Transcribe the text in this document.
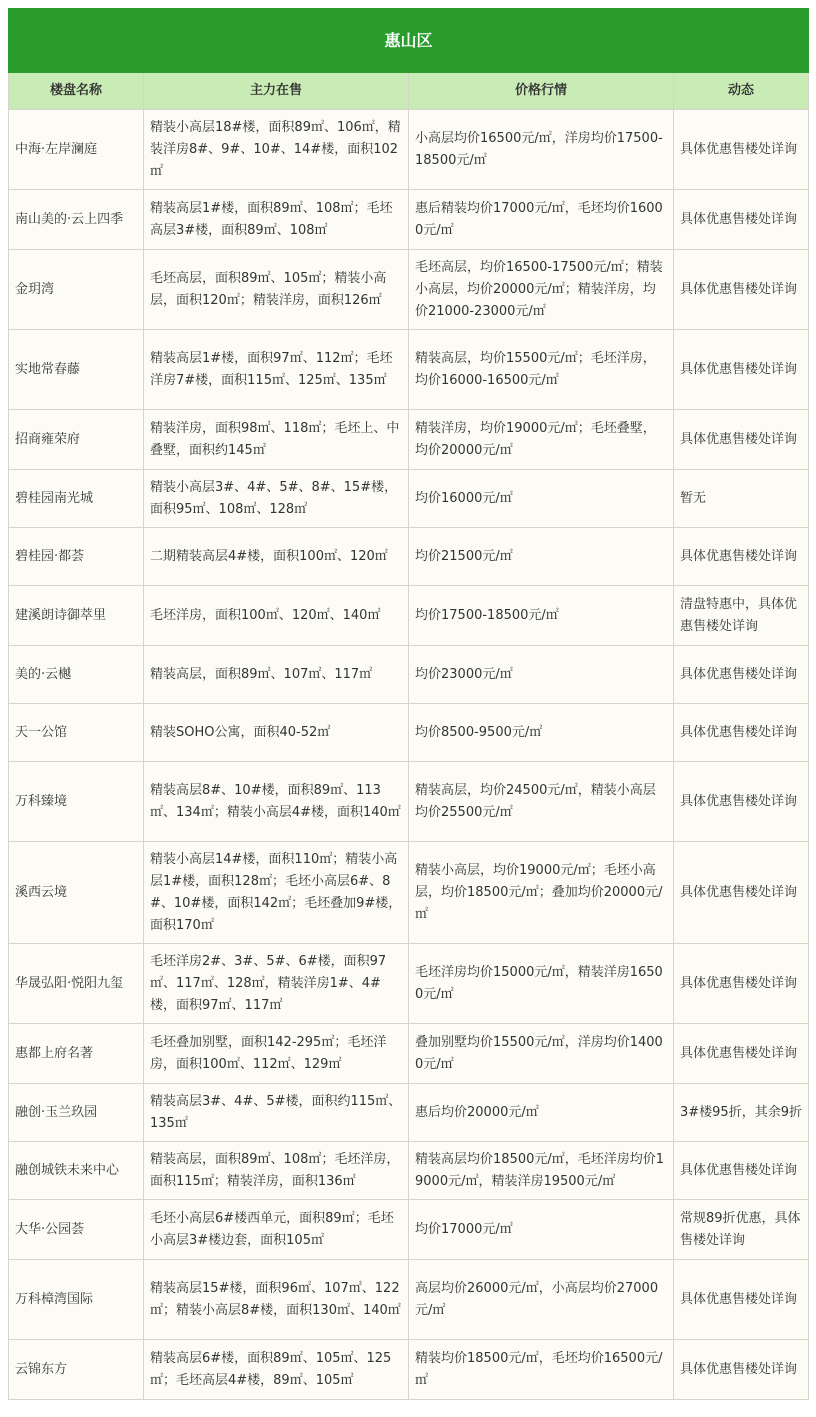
惠山区			
楼盘名称	主力在售	价格行情	动态
中海·左岸澜庭	精装小高层18#楼，面积89㎡、106㎡，精装洋房8#、9#、10#、14#楼，面积102㎡	小高层均价16500元/㎡，洋房均价17500-18500元/㎡	具体优惠售楼处详询
南山美的·云上四季	精装高层1#楼，面积89㎡、108㎡；毛坯高层3#楼，面积89㎡、108㎡	惠后精装均价17000元/㎡，毛坯均价16000元/㎡	具体优惠售楼处详询
金玥湾	毛坯高层，面积89㎡、105㎡；精装小高层，面积120㎡；精装洋房，面积126㎡	毛坯高层，均价16500-17500元/㎡；精装小高层，均价20000元/㎡；精装洋房，均价21000-23000元/㎡	具体优惠售楼处详询
实地常春藤	精装高层1#楼，面积97㎡、112㎡；毛坯洋房7#楼，面积115㎡、125㎡、135㎡	精装高层，均价15500元/㎡；毛坯洋房，均价16000-16500元/㎡	具体优惠售楼处详询
招商雍荣府	精装洋房，面积98㎡、118㎡；毛坯上、中叠墅，面积约145㎡	精装洋房，均价19000元/㎡；毛坯叠墅，均价20000元/㎡	具体优惠售楼处详询
碧桂园南光城	精装小高层3#、4#、5#、8#、15#楼，面积95㎡、108㎡、128㎡	均价16000元/㎡	暂无
碧桂园·都荟	二期精装高层4#楼，面积100㎡、120㎡	均价21500元/㎡	具体优惠售楼处详询
建溪朗诗御萃里	毛坯洋房，面积100㎡、120㎡、140㎡	均价17500-18500元/㎡	清盘特惠中，具体优惠售楼处详询
美的·云樾	精装高层，面积89㎡、107㎡、117㎡	均价23000元/㎡	具体优惠售楼处详询
天一公馆	精装SOHO公寓，面积40-52㎡	均价8500-9500元/㎡	具体优惠售楼处详询
万科臻境	精装高层8#、10#楼，面积89㎡、113㎡、134㎡；精装小高层4#楼，面积140㎡	精装高层，均价24500元/㎡，精装小高层均价25500元/㎡	具体优惠售楼处详询
溪西云境	精装小高层14#楼，面积110㎡；精装小高层1#楼，面积128㎡；毛坯小高层6#、8#、10#楼，面积142㎡；毛坯叠加9#楼，面积170㎡	精装小高层，均价19000元/㎡；毛坯小高层，均价18500元/㎡；叠加均价20000元/㎡	具体优惠售楼处详询
华晟弘阳·悦阳九玺	毛坯洋房2#、3#、5#、6#楼，面积97㎡、117㎡、128㎡，精装洋房1#、4#楼，面积97㎡、117㎡	毛坯洋房均价15000元/㎡，精装洋房16500元/㎡	具体优惠售楼处详询
惠都上府名著	毛坯叠加别墅，面积142-295㎡；毛坯洋房，面积100㎡、112㎡、129㎡	叠加别墅均价15500元/㎡，洋房均价14000元/㎡	具体优惠售楼处详询
融创·玉兰玖园	精装高层3#、4#、5#楼，面积约115㎡、135㎡	惠后均价20000元/㎡	3#楼95折，其余9折
融创城铁未来中心	精装高层，面积89㎡、108㎡；毛坯洋房，面积115㎡；精装洋房，面积136㎡	精装高层均价18500元/㎡，毛坯洋房均价19000元/㎡，精装洋房19500元/㎡	具体优惠售楼处详询
大华·公园荟	毛坯小高层6#楼西单元，面积89㎡；毛坯小高层3#楼边套，面积105㎡	均价17000元/㎡	常规89折优惠，具体售楼处详询
万科樟湾国际	精装高层15#楼，面积96㎡、107㎡、122㎡；精装小高层8#楼，面积130㎡、140㎡	高层均价26000元/㎡，小高层均价27000元/㎡	具体优惠售楼处详询
云锦东方	精装高层6#楼，面积89㎡、105㎡、125㎡；毛坯高层4#楼，89㎡、105㎡	精装均价18500元/㎡，毛坯均价16500元/㎡	具体优惠售楼处详询
